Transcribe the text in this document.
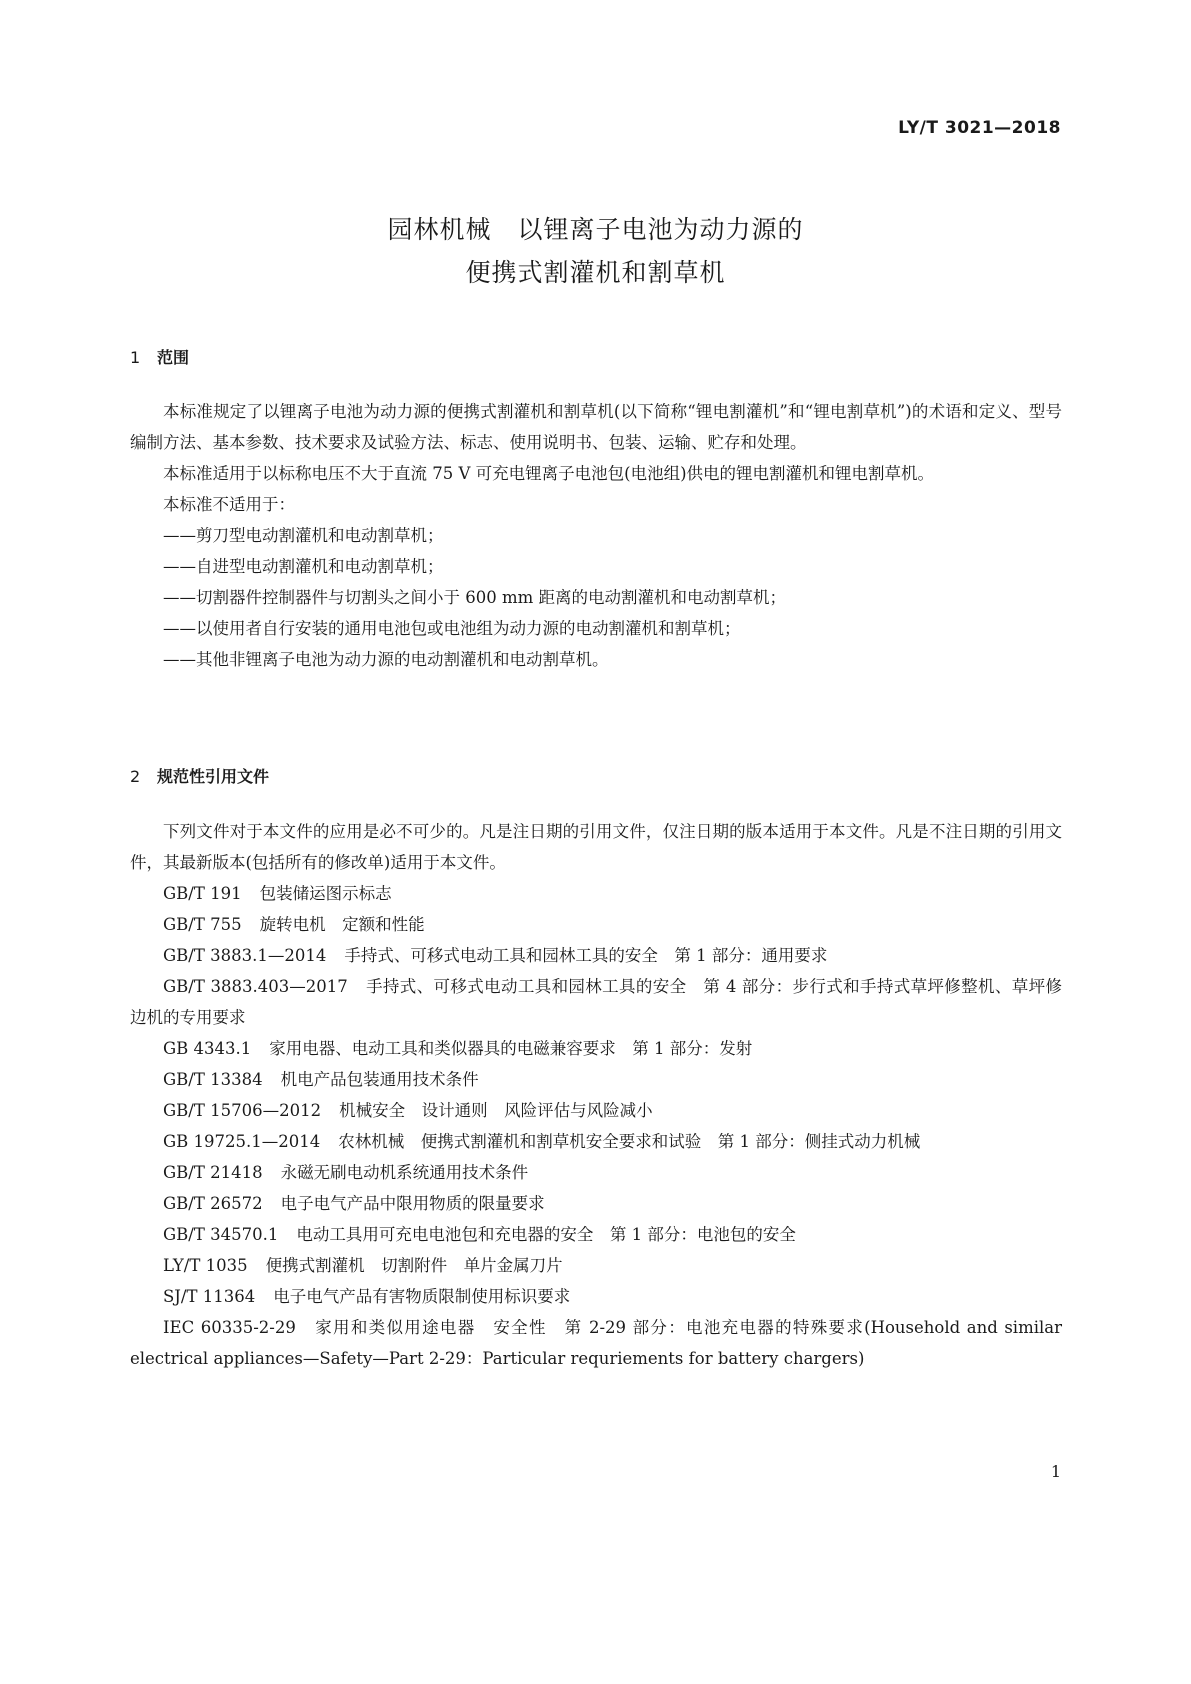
LY/T 3021—2018
园林机械　以锂离子电池为动力源的
便携式割灌机和割草机
1 范围

本标准规定了以锂离子电池为动力源的便携式割灌机和割草机(以下简称“锂电割灌机”和“锂电割草机”)的术语和定义、型号编制方法、基本参数、技术要求及试验方法、标志、使用说明书、包装、运输、贮存和处理。

本标准适用于以标称电压不大于直流 75 V 可充电锂离子电池包(电池组)供电的锂电割灌机和锂电割草机。

本标准不适用于：

——剪刀型电动割灌机和电动割草机；

——自进型电动割灌机和电动割草机；

——切割器件控制器件与切割头之间小于 600 mm 距离的电动割灌机和电动割草机；

——以使用者自行安装的通用电池包或电池组为动力源的电动割灌机和割草机；

——其他非锂离子电池为动力源的电动割灌机和电动割草机。

2 规范性引用文件

下列文件对于本文件的应用是必不可少的。凡是注日期的引用文件，仅注日期的版本适用于本文件。凡是不注日期的引用文件，其最新版本(包括所有的修改单)适用于本文件。

GB/T 191 包装储运图示标志

GB/T 755 旋转电机　定额和性能

GB/T 3883.1—2014 手持式、可移式电动工具和园林工具的安全　第 1 部分：通用要求

GB/T 3883.403—2017 手持式、可移式电动工具和园林工具的安全　第 4 部分：步行式和手持式草坪修整机、草坪修边机的专用要求

GB 4343.1 家用电器、电动工具和类似器具的电磁兼容要求　第 1 部分：发射

GB/T 13384 机电产品包装通用技术条件

GB/T 15706—2012 机械安全　设计通则　风险评估与风险减小

GB 19725.1—2014 农林机械　便携式割灌机和割草机安全要求和试验　第 1 部分：侧挂式动力机械

GB/T 21418 永磁无刷电动机系统通用技术条件

GB/T 26572 电子电气产品中限用物质的限量要求

GB/T 34570.1 电动工具用可充电电池包和充电器的安全　第 1 部分：电池包的安全

LY/T 1035 便携式割灌机　切割附件　单片金属刀片

SJ/T 11364 电子电气产品有害物质限制使用标识要求

IEC 60335-2-29 家用和类似用途电器　安全性　第 2-29 部分：电池充电器的特殊要求(Household and similar electrical appliances—Safety—Part 2-29：Particular requriements for battery chargers)

1
